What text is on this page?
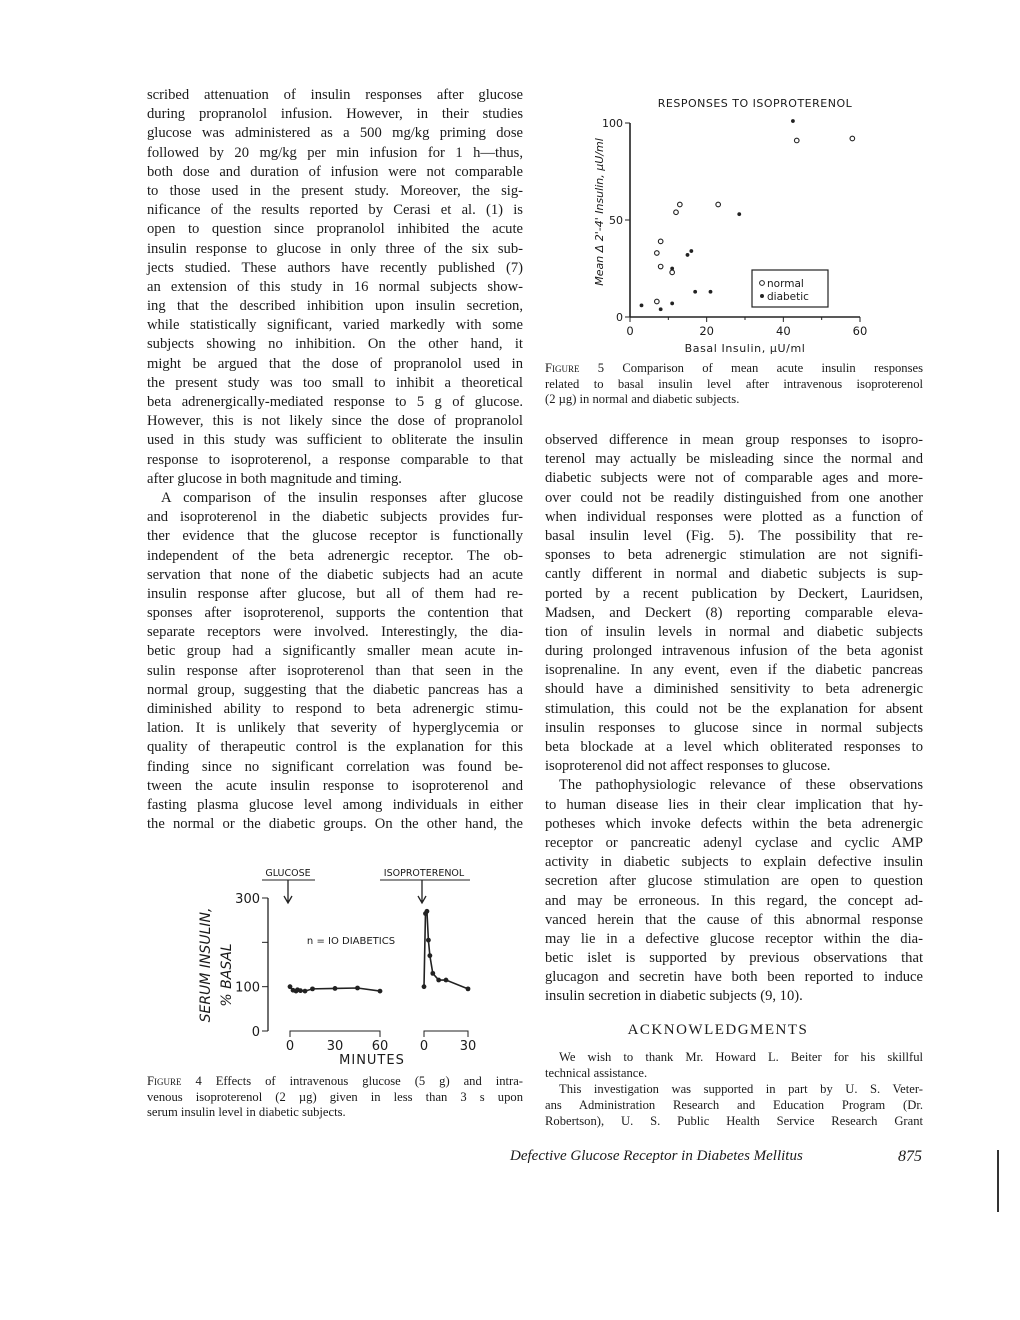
scribed attenuation of insulin responses after glucose
during propranolol infusion. However, in their studies
glucose was administered as a 500 mg/kg priming dose
followed by 20 mg/kg per min infusion for 1 h—thus,
both dose and duration of infusion were not comparable
to those used in the present study. Moreover, the sig-
nificance of the results reported by Cerasi et al. (1) is
open to question since propranolol inhibited the acute
insulin response to glucose in only three of the six sub-
jects studied. These authors have recently published (7)
an extension of this study in 16 normal subjects show-
ing that the described inhibition upon insulin secretion,
while statistically significant, varied markedly with some
subjects showing no inhibition. On the other hand, it
might be argued that the dose of propranolol used in
the present study was too small to inhibit a theoretical
beta adrenergically-mediated response to 5 g of glucose.
However, this is not likely since the dose of propranolol
used in this study was sufficient to obliterate the insulin
response to isoproterenol, a response comparable to that
after glucose in both magnitude and timing.
A comparison of the insulin responses after glucose
and isoproterenol in the diabetic subjects provides fur-
ther evidence that the glucose receptor is functionally
independent of the beta adrenergic receptor. The ob-
servation that none of the diabetic subjects had an acute
insulin response after glucose, but all of them had re-
sponses after isoproterenol, supports the contention that
separate receptors were involved. Interestingly, the dia-
betic group had a significantly smaller mean acute in-
sulin response after isoproterenol than that seen in the
normal group, suggesting that the diabetic pancreas has a
diminished ability to respond to beta adrenergic stimu-
lation. It is unlikely that severity of hyperglycemia or
quality of therapeutic control is the explanation for this
finding since no significant correlation was found be-
tween the acute insulin response to isoproterenol and
fasting plasma glucose level among individuals in either
the normal or the diabetic groups. On the other hand, the
observed difference in mean group responses to isopro-
terenol may actually be misleading since the normal and
diabetic subjects were not of comparable ages and more-
over could not be readily distinguished from one another
when individual responses were plotted as a function of
basal insulin level (Fig. 5). The possibility that re-
sponses to beta adrenergic stimulation are not signifi-
cantly different in normal and diabetic subjects is sup-
ported by a recent publication by Deckert, Lauridsen,
Madsen, and Deckert (8) reporting comparable eleva-
tion of insulin levels in normal and diabetic subjects
during prolonged intravenous infusion of the beta agonist
isoprenaline. In any event, even if the diabetic pancreas
should have a diminished sensitivity to beta adrenergic
stimulation, this could not be the explanation for absent
insulin responses to glucose since in normal subjects
beta blockade at a level which obliterated responses to
isoproterenol did not affect responses to glucose.
The pathophysiologic relevance of these observations
to human disease lies in their clear implication that hy-
potheses which invoke defects within the beta adrenergic
receptor or pancreatic adenyl cyclase and cyclic AMP
activity in diabetic subjects to explain defective insulin
secretion after glucose stimulation are open to question
and may be erroneous. In this regard, the concept ad-
vanced herein that the cause of this abnormal response
may lie in a defective glucose receptor within the dia-
betic islet is supported by previous observations that
glucagon and secretin have both been reported to induce
insulin secretion in diabetic subjects (9, 10).
Figure 5 Comparison of mean acute insulin responses
related to basal insulin level after intravenous isoproterenol
(2 µg) in normal and diabetic subjects.
Figure 4 Effects of intravenous glucose (5 g) and intra-
venous isoproterenol (2 µg) given in less than 3 s upon
serum insulin level in diabetic subjects.
ACKNOWLEDGMENTS
We wish to thank Mr. Howard L. Beiter for his skillful
technical assistance.
This investigation was supported in part by U. S. Veter-
ans Administration Research and Education Program (Dr.
Robertson), U. S. Public Health Service Research Grant
Defective Glucose Receptor in Diabetes Mellitus	875
RESPONSES TO ISOPROTERENOL
0	20	40	60
0
50
100
Basal Insulin, µU/ml
Mean Δ 2'-4' Insulin, µU/ml	normal
diabetic
GLUCOSE	ISOPROTERENOL
0
100
300
0	30 60 0 30
SERUM INSULIN, % BASAL
n = IO DIABETICS
MINUTES
